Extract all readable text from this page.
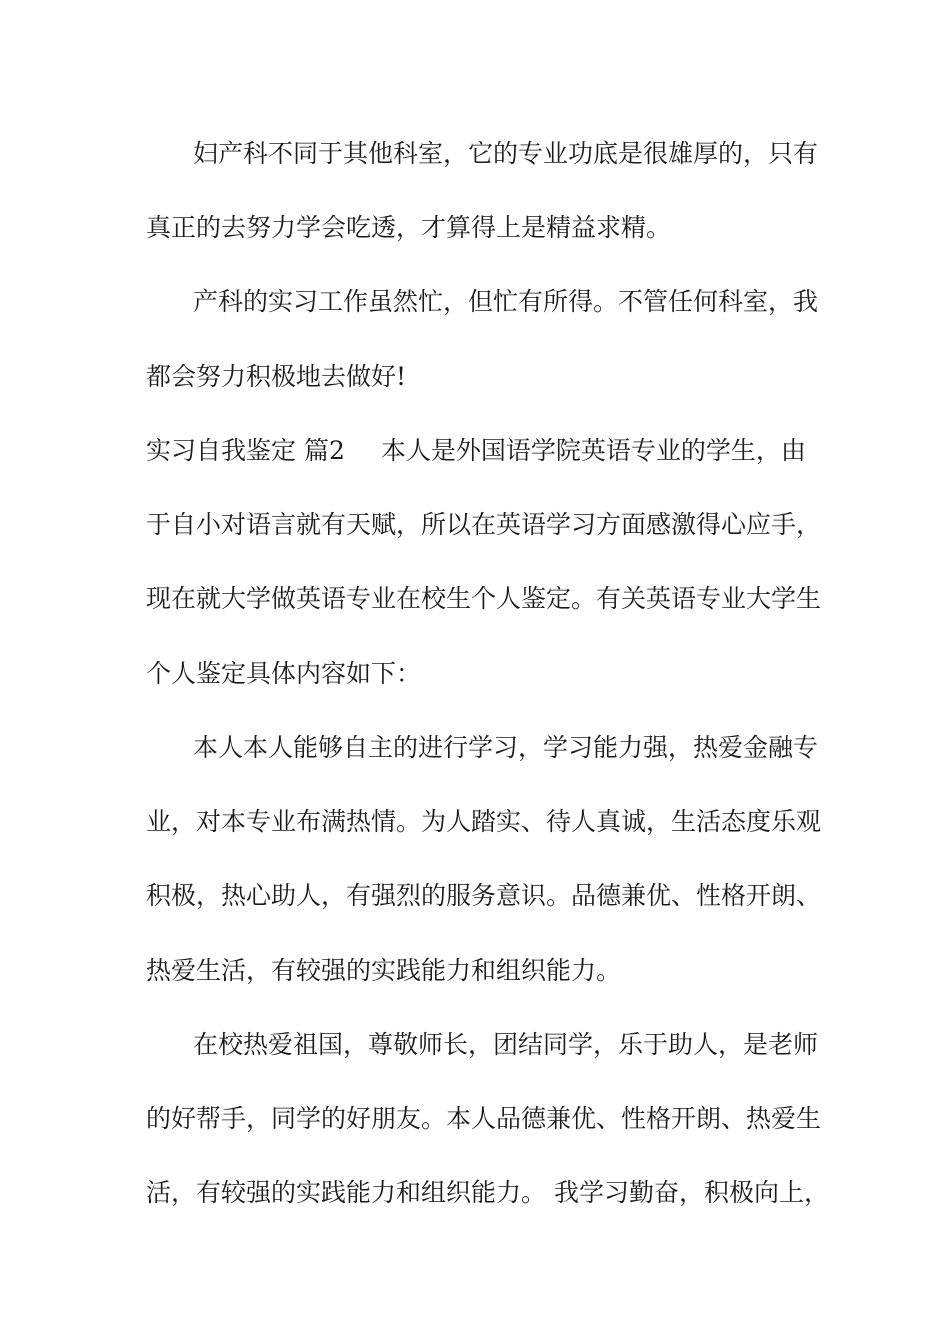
妇产科不同于其他科室，它的专业功底是很雄厚的，只有
真正的去努力学会吃透，才算得上是精益求精。
产科的实习工作虽然忙，但忙有所得。不管任何科室，我
都会努力积极地去做好!
实习自我鉴定 篇2 本人是外国语学院英语专业的学生，由
于自小对语言就有天赋，所以在英语学习方面感激得心应手，
现在就大学做英语专业在校生个人鉴定。有关英语专业大学生
个人鉴定具体内容如下：
本人本人能够自主的进行学习，学习能力强，热爱金融专
业，对本专业布满热情。为人踏实、待人真诚，生活态度乐观
积极，热心助人，有强烈的服务意识。品德兼优、性格开朗、
热爱生活，有较强的实践能力和组织能力。
在校热爱祖国，尊敬师长，团结同学，乐于助人，是老师
的好帮手，同学的好朋友。本人品德兼优、性格开朗、热爱生
活，有较强的实践能力和组织能力。 我学习勤奋，积极向上，
